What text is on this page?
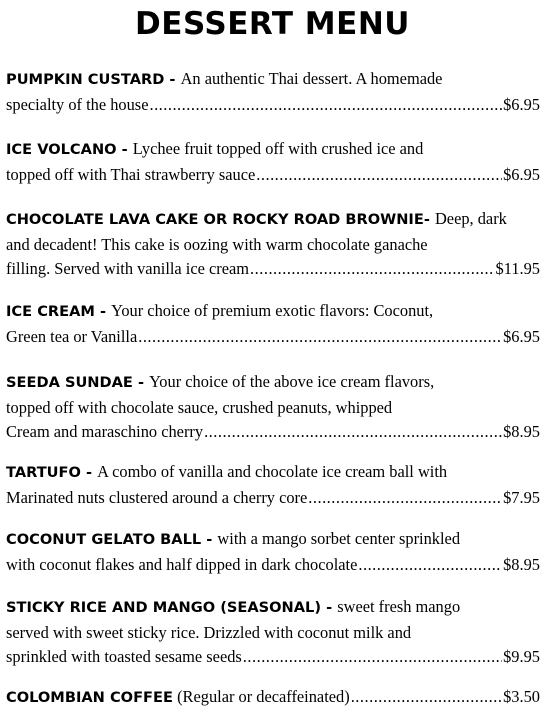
DESSERT MENU
PUMPKIN CUSTARD - An authentic Thai dessert. A homemade
specialty of the house .....	$6.95
ICE VOLCANO - Lychee fruit topped off with crushed ice and
topped off with Thai strawberry sauce .....	$6.95
CHOCOLATE LAVA CAKE OR ROCKY ROAD BROWNIE- Deep, dark
and decadent! This cake is oozing with warm chocolate ganache
filling. Served with vanilla ice cream .....	$11.95
ICE CREAM - Your choice of premium exotic flavors: Coconut,
Green tea or Vanilla .....	$6.95
SEEDA SUNDAE - Your choice of the above ice cream flavors,
topped off with chocolate sauce, crushed peanuts, whipped
Cream and maraschino cherry .....	$8.95
TARTUFO - A combo of vanilla and chocolate ice cream ball with
Marinated nuts clustered around a cherry core .....	$7.95
COCONUT GELATO BALL - with a mango sorbet center sprinkled
with coconut flakes and half dipped in dark chocolate .....	$8.95
STICKY RICE AND MANGO (SEASONAL) - sweet fresh mango
served with sweet sticky rice. Drizzled with coconut milk and
sprinkled with toasted sesame seeds .....	$9.95
COLOMBIAN COFFEE (Regular or decaffeinated) .....	$3.50
